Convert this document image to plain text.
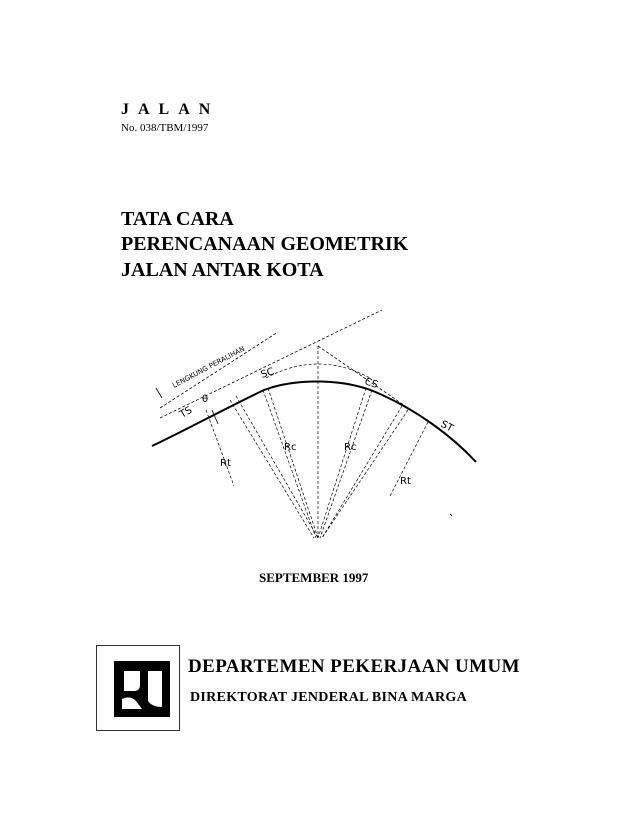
JALAN
No. 038/TBM/1997
TATA CARA
PERENCANAAN GEOMETRIK
JALAN ANTAR KOTA
LENGKUNG PERALIHAN
TS
θ
SC
CS
ST
Rc	Rc
Rt
Rt
SEPTEMBER 1997
DEPARTEMEN PEKERJAAN UMUM
DIREKTORAT JENDERAL BINA MARGA
